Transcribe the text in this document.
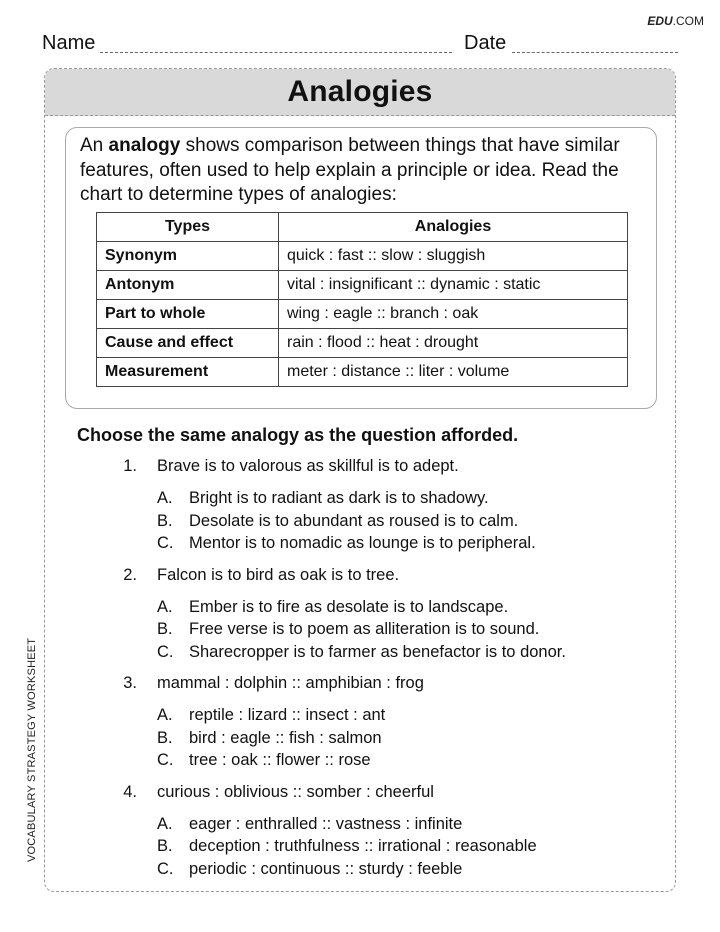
EDU.COM
Name	Date
Analogies

An analogy shows comparison between things that have similar features, often used to help explain a principle or idea. Read the chart to determine types of analogies:

Types	Analogies
Synonym	quick : fast :: slow : sluggish
Antonym	vital : insignificant :: dynamic : static
Part to whole	wing : eagle :: branch : oak
Cause and effect	rain : flood :: heat : drought
Measurement	meter : distance :: liter : volume

Choose the same analogy as the question afforded.

1. Brave is to valorous as skillful is to adept.
A. Bright is to radiant as dark is to shadowy.
B. Desolate is to abundant as roused is to calm.
C. Mentor is to nomadic as lounge is to peripheral.
2. Falcon is to bird as oak is to tree.
A. Ember is to fire as desolate is to landscape.
B. Free verse is to poem as alliteration is to sound.
C. Sharecropper is to farmer as benefactor is to donor.
3. mammal : dolphin :: amphibian : frog
A. reptile : lizard :: insect : ant
B. bird : eagle :: fish : salmon
C. tree : oak :: flower :: rose
4. curious : oblivious :: somber : cheerful
A. eager : enthralled :: vastness : infinite
B. deception : truthfulness :: irrational : reasonable
C. periodic : continuous :: sturdy : feeble
VOCABULARY STRASTEGY WORKSHEET
